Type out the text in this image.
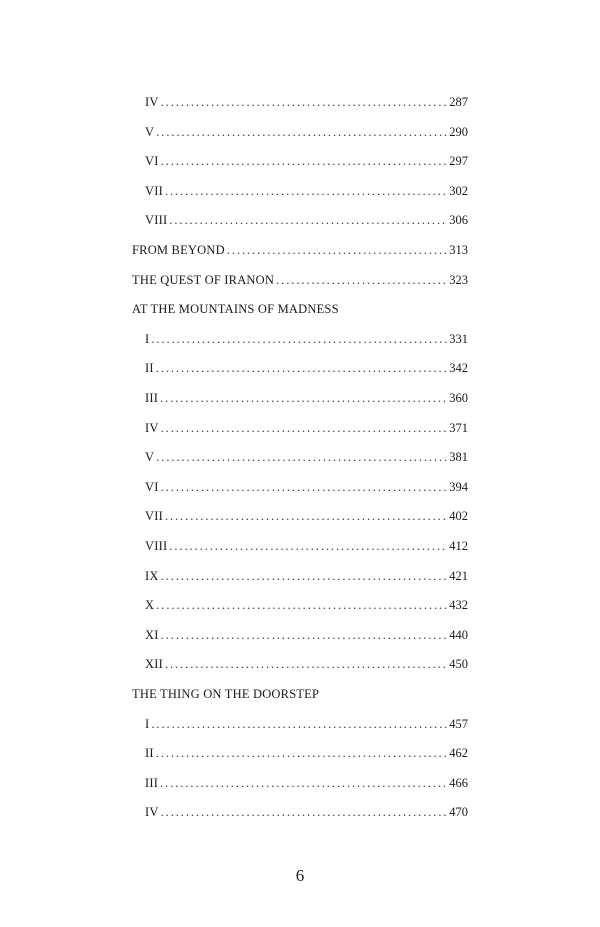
IV . . .	287
V . . .	290
VI . . .	297
VII . . .	302
VIII . . .	306
FROM BEYOND . . .	313
THE QUEST OF IRANON . . .	323
AT THE MOUNTAINS OF MADNESS
I . . .	331
II . . .	342
III . . .	360
IV . . .	371
V . . .	381
VI . . .	394
VII . . .	402
VIII . . .	412
IX . . .	421
X . . .	432
XI . . .	440
XII . . .	450
THE THING ON THE DOORSTEP
I . . .	457
II . . .	462
III . . .	466
IV . . .	470
6
